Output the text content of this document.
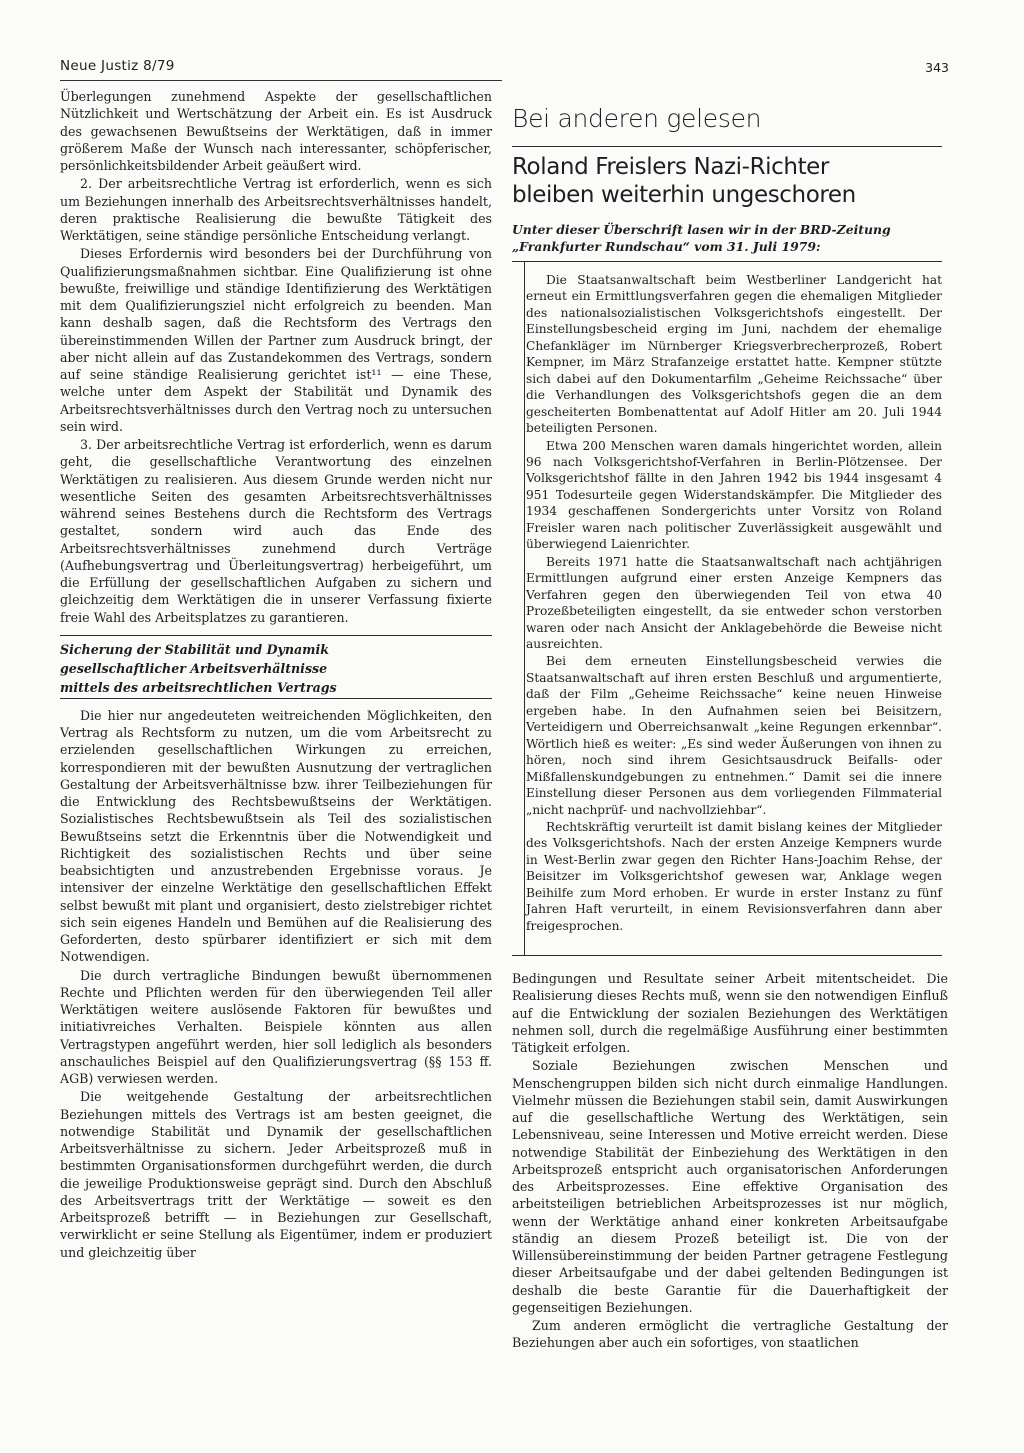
Neue Justiz 8/79	343

Überlegungen zunehmend Aspekte der gesellschaftlichen Nützlichkeit und Wertschätzung der Arbeit ein. Es ist Ausdruck des gewachsenen Bewußtseins der Werktätigen, daß in immer größerem Maße der Wunsch nach interessanter, schöpferischer, persönlichkeitsbildender Arbeit geäußert wird.

2. Der arbeitsrechtliche Vertrag ist erforderlich, wenn es sich um Beziehungen innerhalb des Arbeitsrechtsverhältnisses handelt, deren praktische Realisierung die bewußte Tätigkeit des Werktätigen, seine ständige persönliche Entscheidung verlangt.

Dieses Erfordernis wird besonders bei der Durchführung von Qualifizierungsmaßnahmen sichtbar. Eine Qualifizierung ist ohne bewußte, freiwillige und ständige Identifizierung des Werktätigen mit dem Qualifizierungsziel nicht erfolgreich zu beenden. Man kann deshalb sagen, daß die Rechtsform des Vertrags den übereinstimmenden Willen der Partner zum Ausdruck bringt, der aber nicht allein auf das Zustandekommen des Vertrags, sondern auf seine ständige Realisierung gerichtet ist¹¹ — eine These, welche unter dem Aspekt der Stabilität und Dynamik des Arbeitsrechtsverhältnisses durch den Vertrag noch zu untersuchen sein wird.

3. Der arbeitsrechtliche Vertrag ist erforderlich, wenn es darum geht, die gesellschaftliche Verantwortung des einzelnen Werktätigen zu realisieren. Aus diesem Grunde werden nicht nur wesentliche Seiten des gesamten Arbeitsrechtsverhältnisses während seines Bestehens durch die Rechtsform des Vertrags gestaltet, sondern wird auch das Ende des Arbeitsrechtsverhältnisses zunehmend durch Verträge (Aufhebungsvertrag und Überleitungsvertrag) herbeigeführt, um die Erfüllung der gesellschaftlichen Aufgaben zu sichern und gleichzeitig dem Werktätigen die in unserer Verfassung fixierte freie Wahl des Arbeitsplatzes zu garantieren.

Sicherung der Stabilität und Dynamik
gesellschaftlicher Arbeitsverhältnisse
mittels des arbeitsrechtlichen Vertrags

Die hier nur angedeuteten weitreichenden Möglichkeiten, den Vertrag als Rechtsform zu nutzen, um die vom Arbeitsrecht zu erzielenden gesellschaftlichen Wirkungen zu erreichen, korrespondieren mit der bewußten Ausnutzung der vertraglichen Gestaltung der Arbeitsverhältnisse bzw. ihrer Teilbeziehungen für die Entwicklung des Rechtsbewußtseins der Werktätigen. Sozialistisches Rechtsbewußtsein als Teil des sozialistischen Bewußtseins setzt die Erkenntnis über die Notwendigkeit und Richtigkeit des sozialistischen Rechts und über seine beabsichtigten und anzustrebenden Ergebnisse voraus. Je intensiver der einzelne Werktätige den gesellschaftlichen Effekt selbst bewußt mit plant und organisiert, desto zielstrebiger richtet sich sein eigenes Handeln und Bemühen auf die Realisierung des Geforderten, desto spürbarer identifiziert er sich mit dem Notwendigen.

Die durch vertragliche Bindungen bewußt übernommenen Rechte und Pflichten werden für den überwiegenden Teil aller Werktätigen weitere auslösende Faktoren für bewußtes und initiativreiches Verhalten. Beispiele könnten aus allen Vertragstypen angeführt werden, hier soll lediglich als besonders anschauliches Beispiel auf den Qualifizierungsvertrag (§§ 153 ff. AGB) verwiesen werden.

Die weitgehende Gestaltung der arbeitsrechtlichen Beziehungen mittels des Vertrags ist am besten geeignet, die notwendige Stabilität und Dynamik der gesellschaftlichen Arbeitsverhältnisse zu sichern. Jeder Arbeitsprozeß muß in bestimmten Organisationsformen durchgeführt werden, die durch die jeweilige Produktionsweise geprägt sind. Durch den Abschluß des Arbeitsvertrags tritt der Werktätige — soweit es den Arbeitsprozeß betrifft — in Beziehungen zur Gesellschaft, verwirklicht er seine Stellung als Eigentümer, indem er produziert und gleichzeitig über

Bei anderen gelesen
Roland Freislers Nazi-Richter
bleiben weiterhin ungeschoren
Unter dieser Überschrift lasen wir in der BRD-Zeitung „Frankfurter Rundschau“ vom 31. Juli 1979:

Die Staatsanwaltschaft beim Westberliner Landgericht hat erneut ein Ermittlungsverfahren gegen die ehemaligen Mitglieder des nationalsozialistischen Volksgerichtshofs eingestellt. Der Einstellungsbescheid erging im Juni, nachdem der ehemalige Chefankläger im Nürnberger Kriegsverbrecherprozeß, Robert Kempner, im März Strafanzeige erstattet hatte. Kempner stützte sich dabei auf den Dokumentarfilm „Geheime Reichssache“ über die Verhandlungen des Volksgerichtshofs gegen die an dem gescheiterten Bombenattentat auf Adolf Hitler am 20. Juli 1944 beteiligten Personen.

Etwa 200 Menschen waren damals hingerichtet worden, allein 96 nach Volksgerichtshof-Verfahren in Berlin-Plötzensee. Der Volksgerichtshof fällte in den Jahren 1942 bis 1944 insgesamt 4 951 Todesurteile gegen Widerstandskämpfer. Die Mitglieder des 1934 geschaffenen Sondergerichts unter Vorsitz von Roland Freisler waren nach politischer Zuverlässigkeit ausgewählt und überwiegend Laienrichter.

Bereits 1971 hatte die Staatsanwaltschaft nach achtjährigen Ermittlungen aufgrund einer ersten Anzeige Kempners das Verfahren gegen den überwiegenden Teil von etwa 40 Prozeßbeteiligten eingestellt, da sie entweder schon verstorben waren oder nach Ansicht der Anklagebehörde die Beweise nicht ausreichten.

Bei dem erneuten Einstellungsbescheid verwies die Staatsanwaltschaft auf ihren ersten Beschluß und argumentierte, daß der Film „Geheime Reichssache“ keine neuen Hinweise ergeben habe. In den Aufnahmen seien bei Beisitzern, Verteidigern und Oberreichsanwalt „keine Regungen erkennbar“. Wörtlich hieß es weiter: „Es sind weder Äußerungen von ihnen zu hören, noch sind ihrem Gesichtsausdruck Beifalls- oder Mißfallenskundgebungen zu entnehmen.“ Damit sei die innere Einstellung dieser Personen aus dem vorliegenden Filmmaterial „nicht nachprüf- und nachvollziehbar“.

Rechtskräftig verurteilt ist damit bislang keines der Mitglieder des Volksgerichtshofs. Nach der ersten Anzeige Kempners wurde in West-Berlin zwar gegen den Richter Hans-Joachim Rehse, der Beisitzer im Volksgerichtshof gewesen war, Anklage wegen Beihilfe zum Mord erhoben. Er wurde in erster Instanz zu fünf Jahren Haft verurteilt, in einem Revisionsverfahren dann aber freigesprochen.

Bedingungen und Resultate seiner Arbeit mitentscheidet. Die Realisierung dieses Rechts muß, wenn sie den notwendigen Einfluß auf die Entwicklung der sozialen Beziehungen des Werktätigen nehmen soll, durch die regelmäßige Ausführung einer bestimmten Tätigkeit erfolgen.

Soziale Beziehungen zwischen Menschen und Menschengruppen bilden sich nicht durch einmalige Handlungen. Vielmehr müssen die Beziehungen stabil sein, damit Auswirkungen auf die gesellschaftliche Wertung des Werktätigen, sein Lebensniveau, seine Interessen und Motive erreicht werden. Diese notwendige Stabilität der Einbeziehung des Werktätigen in den Arbeitsprozeß entspricht auch organisatorischen Anforderungen des Arbeitsprozesses. Eine effektive Organisation des arbeitsteiligen betrieblichen Arbeitsprozesses ist nur möglich, wenn der Werktätige anhand einer konkreten Arbeitsaufgabe ständig an diesem Prozeß beteiligt ist. Die von der Willensübereinstimmung der beiden Partner getragene Festlegung dieser Arbeitsaufgabe und der dabei geltenden Bedingungen ist deshalb die beste Garantie für die Dauerhaftigkeit der gegenseitigen Beziehungen.

Zum anderen ermöglicht die vertragliche Gestaltung der Beziehungen aber auch ein sofortiges, von staatlichen
